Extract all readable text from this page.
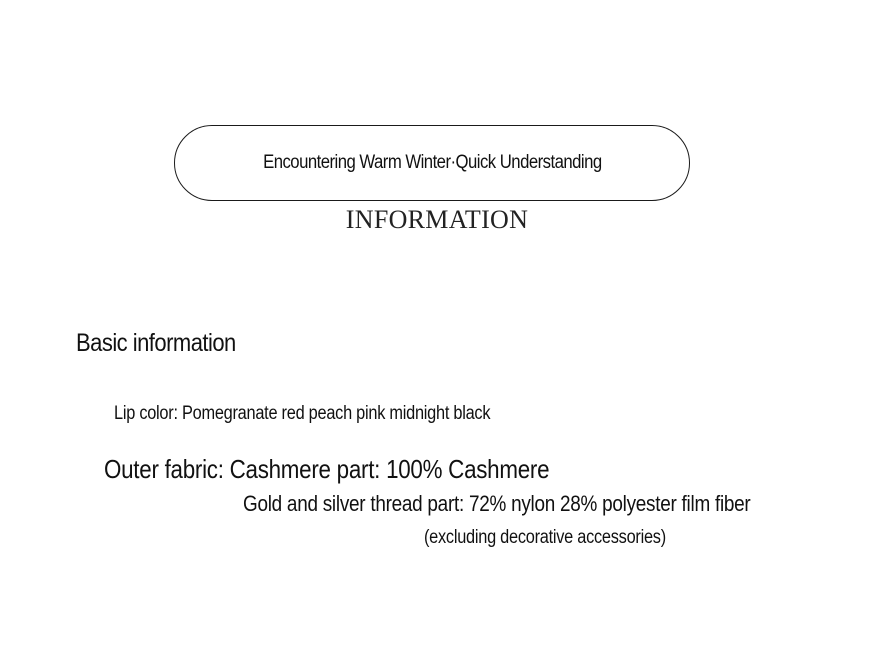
Encountering Warm Winter·Quick Understanding
INFORMATION
Basic information
Lip color: Pomegranate red peach pink midnight black
Outer fabric: Cashmere part: 100% Cashmere
Gold and silver thread part: 72% nylon 28% polyester film fiber
(excluding decorative accessories)
